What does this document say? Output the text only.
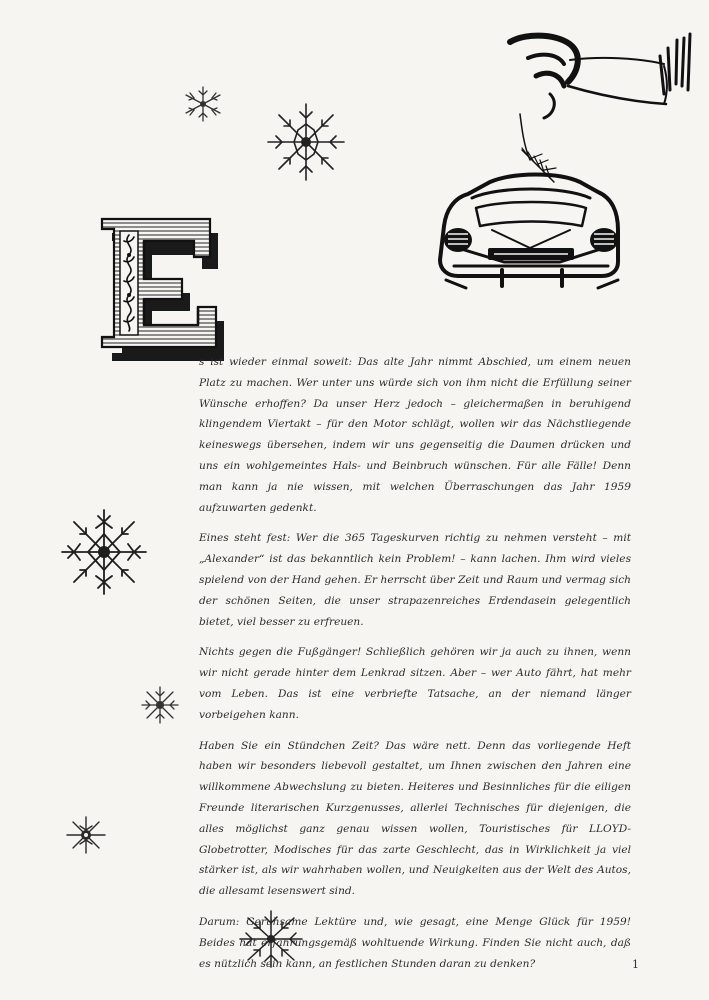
s ist wieder einmal soweit: Das alte Jahr nimmt Abschied, um einem neuen Platz zu machen. Wer unter uns würde sich von ihm nicht die Erfüllung seiner Wünsche erhoffen? Da unser Herz jedoch – gleichermaßen in beruhigend klingendem Viertakt – für den Motor schlägt, wollen wir das Nächstliegende keineswegs übersehen, indem wir uns gegenseitig die Daumen drücken und uns ein wohlgemeintes Hals- und Beinbruch wünschen. Für alle Fälle! Denn man kann ja nie wissen, mit welchen Überraschungen das Jahr 1959 aufzuwarten gedenkt.

Eines steht fest: Wer die 365 Tageskurven richtig zu nehmen versteht – mit „Alexander“ ist das bekanntlich kein Problem! – kann lachen. Ihm wird vieles spielend von der Hand gehen. Er herrscht über Zeit und Raum und vermag sich der schönen Seiten, die unser strapazenreiches Erdendasein gelegentlich bietet, viel besser zu erfreuen.

Nichts gegen die Fußgänger! Schließlich gehören wir ja auch zu ihnen, wenn wir nicht gerade hinter dem Lenkrad sitzen. Aber – wer Auto fährt, hat mehr vom Leben. Das ist eine verbriefte Tatsache, an der niemand länger vorbeigehen kann.

Haben Sie ein Stündchen Zeit? Das wäre nett. Denn das vorliegende Heft haben wir besonders liebevoll gestaltet, um Ihnen zwischen den Jahren eine willkommene Abwechslung zu bieten. Heiteres und Besinnliches für die eiligen Freunde literarischen Kurzgenusses, allerlei Technisches für diejenigen, die alles möglichst ganz genau wissen wollen, Touristisches für LLOYD-Globetrotter, Modisches für das zarte Geschlecht, das in Wirklichkeit ja viel stärker ist, als wir wahrhaben wollen, und Neuigkeiten aus der Welt des Autos, die allesamt lesenswert sind.

Darum: Geruhsame Lektüre und, wie gesagt, eine Menge Glück für 1959! Beides hat erfahrungsgemäß wohltuende Wirkung. Finden Sie nicht auch, daß es nützlich sein kann, an festlichen Stunden daran zu denken?	1
